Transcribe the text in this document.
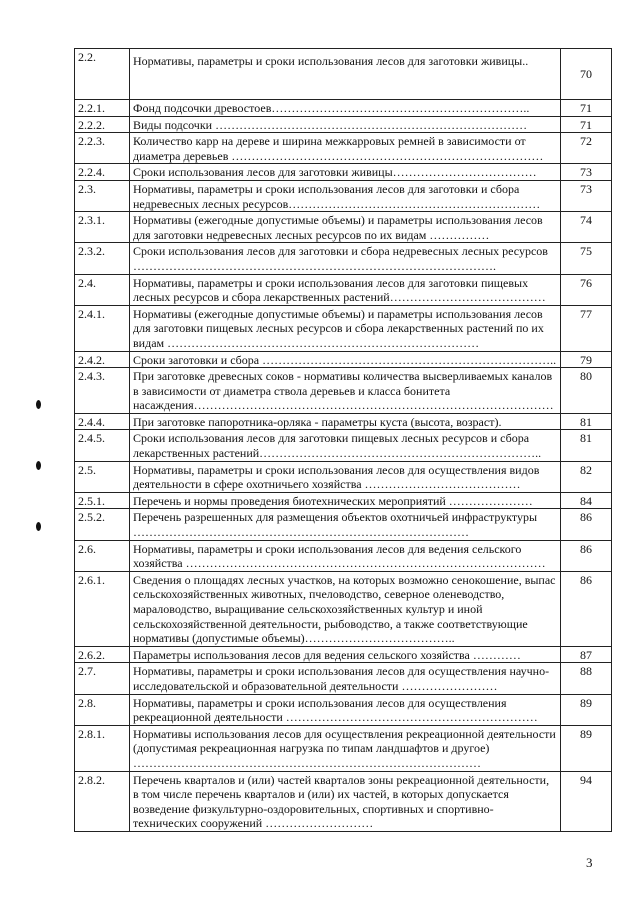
2.2.	Нормативы, параметры и сроки использования лесов для заготовки живицы..	70
2.2.1.	Фонд подсочки древостоев………………………………………………………..	71
2.2.2.	Виды подсочки ……………………………………………………………………	71
2.2.3.	Количество карр на дереве и ширина межкарровых ремней в зависимости от диаметра деревьев ……………………………………………………………………	72
2.2.4.	Сроки использования лесов для заготовки живицы………………………………	73
2.3.	Нормативы, параметры и сроки использования лесов для заготовки и сбора недревесных лесных ресурсов………………………………………………………	73
2.3.1.	Нормативы (ежегодные допустимые объемы) и параметры использования лесов для заготовки недревесных лесных ресурсов по их видам ……………	74
2.3.2.	Сроки использования лесов для заготовки и сбора недревесных лесных ресурсов ……………………………………………………………………………….	75
2.4.	Нормативы, параметры и сроки использования лесов для заготовки пищевых лесных ресурсов и сбора лекарственных растений…………………………………	76
2.4.1.	Нормативы (ежегодные допустимые объемы) и параметры использования лесов для заготовки пищевых лесных ресурсов и сбора лекарственных растений по их видам ……………………………………………………………………	77
2.4.2.	Сроки заготовки и сбора ………………………………………………………………..	79
2.4.3.	При заготовке древесных соков - нормативы количества высверливаемых каналов в зависимости от диаметра ствола деревьев и класса бонитета насаждения………………………………………………………………………………	80
2.4.4.	При заготовке папоротника-орляка - параметры куста (высота, возраст).	81
2.4.5.	Сроки использования лесов для заготовки пищевых лесных ресурсов и сбора лекарственных растений……………………………………………………………..	81
2.5.	Нормативы, параметры и сроки использования лесов для осуществления видов деятельности в сфере охотничьего хозяйства …………………………………	82
2.5.1.	Перечень и нормы проведения биотехнических мероприятий …………………	84
2.5.2.	Перечень разрешенных для размещения объектов охотничьей инфраструктуры …………………………………………………………………………	86
2.6.	Нормативы, параметры и сроки использования лесов для ведения сельского хозяйства ………………………………………………………………………………	86
2.6.1.	Сведения о площадях лесных участков, на которых возможно сенокошение, выпас сельскохозяйственных животных, пчеловодство, северное оленеводство, мараловодство, выращивание сельскохозяйственных культур и иной сельскохозяйственной деятельности, рыбоводство, а также соответствующие нормативы (допустимые объемы)………………………………..	86
2.6.2.	Параметры использования лесов для ведения сельского хозяйства …………	87
2.7.	Нормативы, параметры и сроки использования лесов для осуществления научно-исследовательской и образовательной деятельности ……………………	88
2.8.	Нормативы, параметры и сроки использования лесов для осуществления рекреационной деятельности ………………………………………………………	89
2.8.1.	Нормативы использования лесов для осуществления рекреационной деятельности (допустимая рекреационная нагрузка по типам ландшафтов и другое) ……………………………………………………………………………	89
2.8.2.	Перечень кварталов и (или) частей кварталов зоны рекреационной деятельности, в том числе перечень кварталов и (или) их частей, в которых допускается возведение физкультурно-оздоровительных, спортивных и спортивно-технических сооружений ………………………	94
3
